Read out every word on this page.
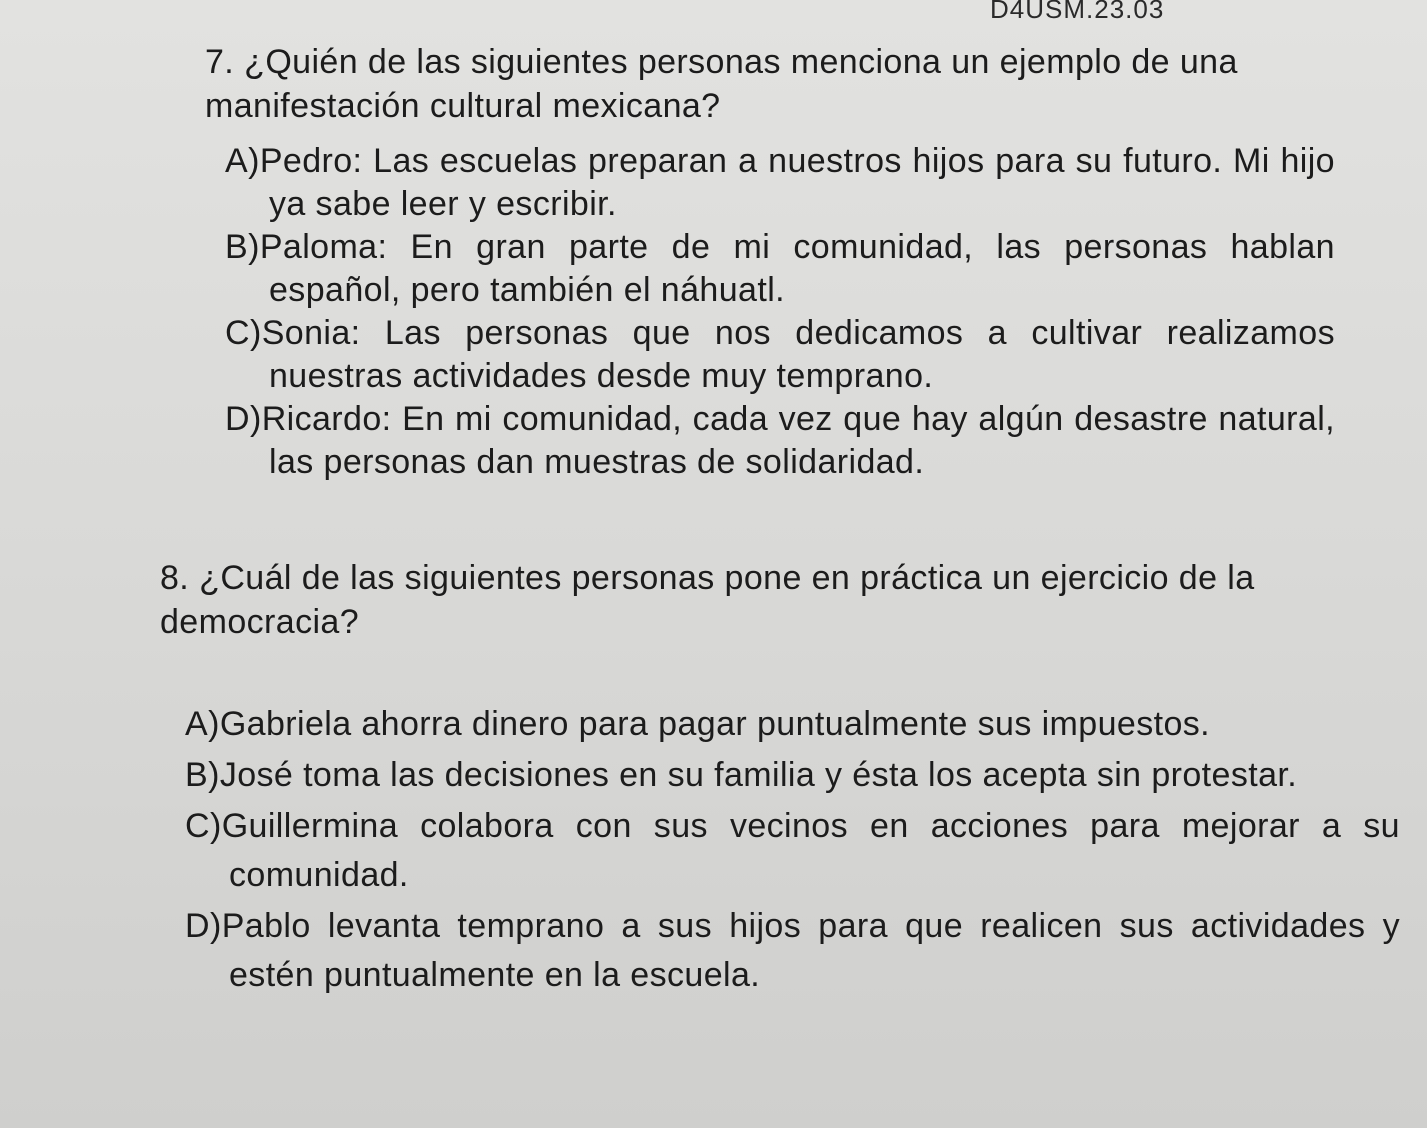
D4USM.23.03
7. ¿Quién de las siguientes personas menciona un ejemplo de una manifestación cultural mexicana?

A)Pedro: Las escuelas preparan a nuestros hijos para su futuro. Mi hijo ya sabe leer y escribir.

B)Paloma: En gran parte de mi comunidad, las personas hablan español, pero también el náhuatl.

C)Sonia: Las personas que nos dedicamos a cultivar realizamos nuestras actividades desde muy temprano.

D)Ricardo: En mi comunidad, cada vez que hay algún desastre natural, las personas dan muestras de solidaridad.

8. ¿Cuál de las siguientes personas pone en práctica un ejercicio de la democracia?

A)Gabriela ahorra dinero para pagar puntualmente sus impuestos.

B)José toma las decisiones en su familia y ésta los acepta sin protestar.

C)Guillermina colabora con sus vecinos en acciones para mejorar a su comunidad.

D)Pablo levanta temprano a sus hijos para que realicen sus actividades y estén puntualmente en la escuela.
